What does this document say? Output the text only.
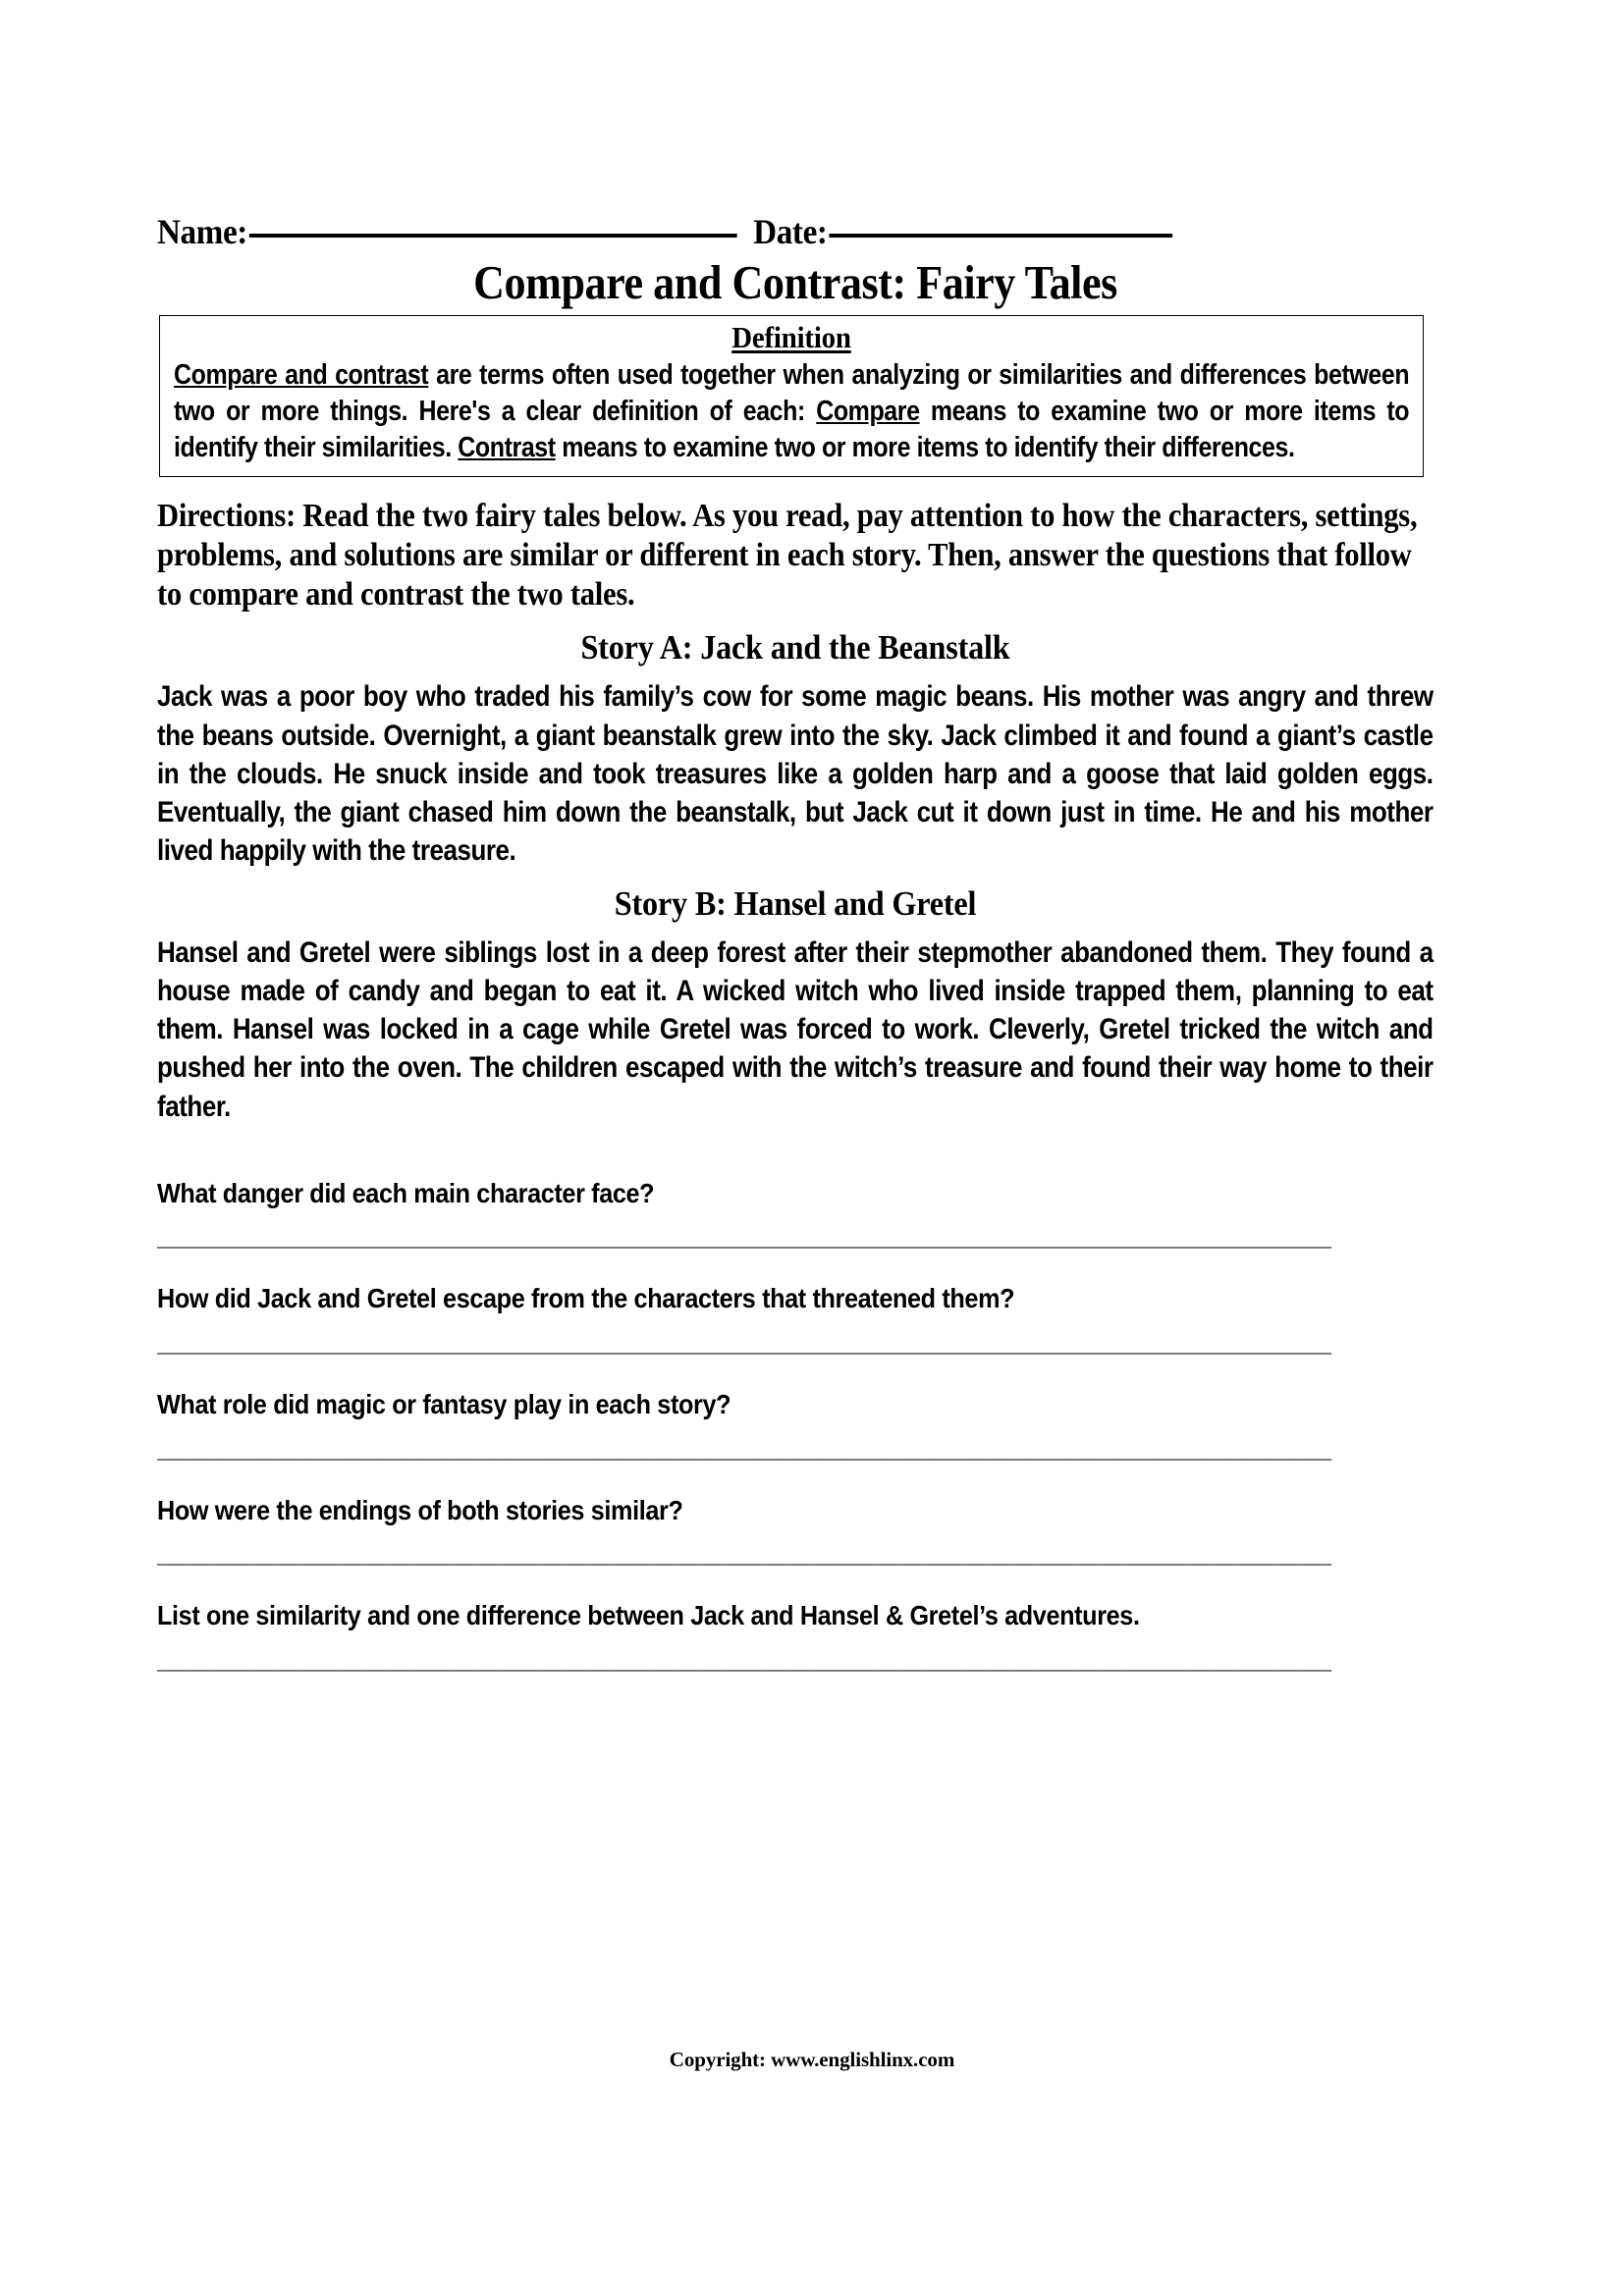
Name:	Date:
Compare and Contrast: Fairy Tales
Definition
Compare and contrast are terms often used together when analyzing or similarities and differences between two or more things. Here's a clear definition of each: Compare means to examine two or more items to identify their similarities. Contrast means to examine two or more items to identify their differences.
Directions: Read the two fairy tales below. As you read, pay attention to how the characters, settings, problems, and solutions are similar or different in each story. Then, answer the questions that follow to compare and contrast the two tales.
Story A: Jack and the Beanstalk
Jack was a poor boy who traded his family’s cow for some magic beans. His mother was angry and threw the beans outside. Overnight, a giant beanstalk grew into the sky. Jack climbed it and found a giant’s castle in the clouds. He snuck inside and took treasures like a golden harp and a goose that laid golden eggs. Eventually, the giant chased him down the beanstalk, but Jack cut it down just in time. He and his mother lived happily with the treasure.
Story B: Hansel and Gretel
Hansel and Gretel were siblings lost in a deep forest after their stepmother abandoned them. They found a house made of candy and began to eat it. A wicked witch who lived inside trapped them, planning to eat them. Hansel was locked in a cage while Gretel was forced to work. Cleverly, Gretel tricked the witch and pushed her into the oven. The children escaped with the witch’s treasure and found their way home to their father.

What danger did each main character face?

______________________________________________________________________________________________

How did Jack and Gretel escape from the characters that threatened them?

______________________________________________________________________________________________

What role did magic or fantasy play in each story?

______________________________________________________________________________________________

How were the endings of both stories similar?

______________________________________________________________________________________________

List one similarity and one difference between Jack and Hansel & Gretel’s adventures.

______________________________________________________________________________________________
Copyright: www.englishlinx.com
